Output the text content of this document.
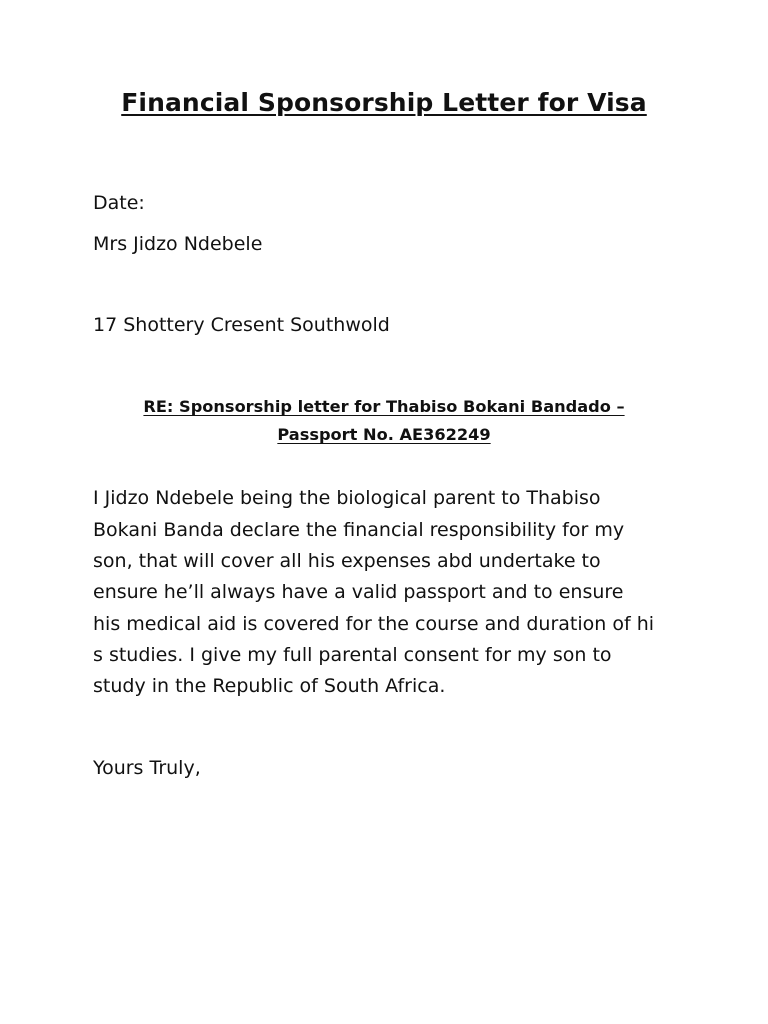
Financial Sponsorship Letter for Visa
Date:
Mrs Jidzo Ndebele
17 Shottery Cresent Southwold
RE: Sponsorship letter for Thabiso Bokani Bandado –
Passport No. AE362249
I Jidzo Ndebele being the biological parent to Thabiso
Bokani Banda declare the financial responsibility for my
son, that will cover all his expenses abd undertake to
ensure he’ll always have a valid passport and to ensure
his medical aid is covered for the course and duration of hi
s studies. I give my full parental consent for my son to
study in the Republic of South Africa.
Yours Truly,
